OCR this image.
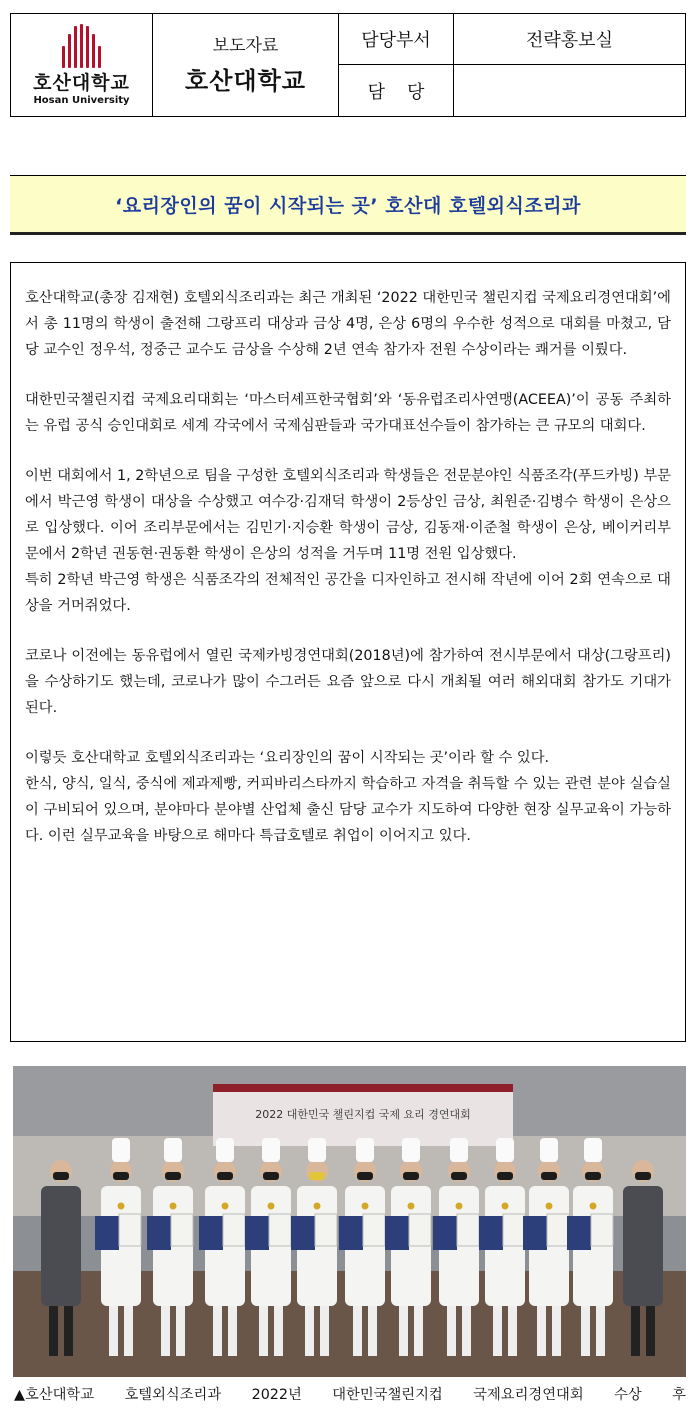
호산대학교
Hosan University
보도자료
호산대학교
담당부서	전략홍보실
담당
‘요리장인의 꿈이 시작되는 곳’ 호산대 호텔외식조리과

호산대학교(총장 김재현) 호텔외식조리과는 최근 개최된 ‘2022 대한민국 챌린지컵 국제요리경연대회’에서 총 11명의 학생이 출전해 그랑프리 대상과 금상 4명, 은상 6명의 우수한 성적으로 대회를 마쳤고, 담당 교수인 정우석, 정중근 교수도 금상을 수상해 2년 연속 참가자 전원 수상이라는 쾌거를 이뤘다.

대한민국챌린지컵 국제요리대회는 ‘마스터셰프한국협회’와 ‘동유럽조리사연맹(ACEEA)’이 공동 주최하는 유럽 공식 승인대회로 세계 각국에서 국제심판들과 국가대표선수들이 참가하는 큰 규모의 대회다.

이번 대회에서 1, 2학년으로 팀을 구성한 호텔외식조리과 학생들은 전문분야인 식품조각(푸드카빙) 부문에서 박근영 학생이 대상을 수상했고 여수강·김재덕 학생이 2등상인 금상, 최원준·김병수 학생이 은상으로 입상했다. 이어 조리부문에서는 김민기·지승환 학생이 금상, 김동재·이준철 학생이 은상, 베이커리부문에서 2학년 권동현·권동환 학생이 은상의 성적을 거두며 11명 전원 입상했다.

특히 2학년 박근영 학생은 식품조각의 전체적인 공간을 디자인하고 전시해 작년에 이어 2회 연속으로 대상을 거머쥐었다.

코로나 이전에는 동유럽에서 열린 국제카빙경연대회(2018년)에 참가하여 전시부문에서 대상(그랑프리)을 수상하기도 했는데, 코로나가 많이 수그러든 요즘 앞으로 다시 개최될 여러 해외대회 참가도 기대가 된다.

이렇듯 호산대학교 호텔외식조리과는 ‘요리장인의 꿈이 시작되는 곳’이라 할 수 있다.

한식, 양식, 일식, 중식에 제과제빵, 커피바리스타까지 학습하고 자격을 취득할 수 있는 관련 분야 실습실이 구비되어 있으며, 분야마다 분야별 산업체 출신 담당 교수가 지도하여 다양한 현장 실무교육이 가능하다. 이런 실무교육을 바탕으로 해마다 특급호텔로 취업이 이어지고 있다.

2022 대한민국 챌린지컵 국제 요리 경연대회
▲호산대학교 호텔외식조리과 2022년 대한민국챌린지컵 국제요리경연대회 수상 후
